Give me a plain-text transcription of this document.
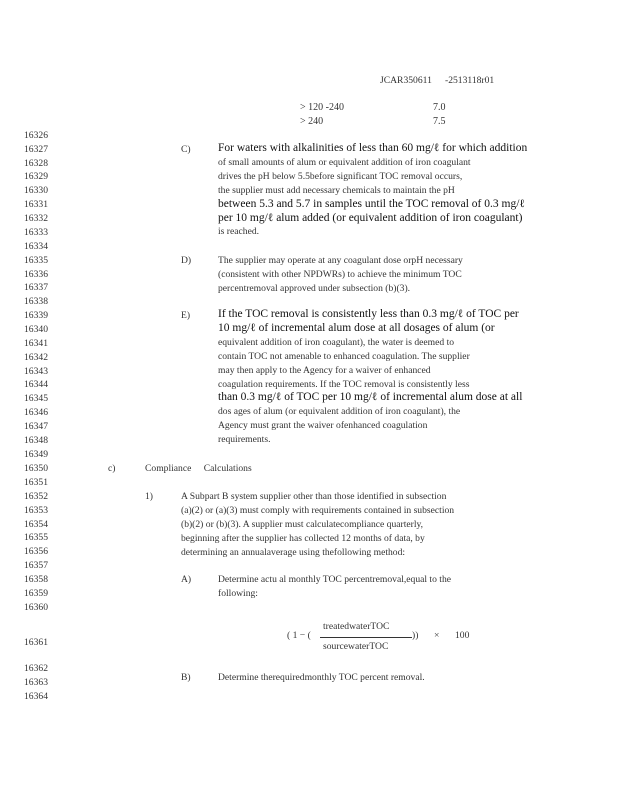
JCAR350611 -2513118r01
> 120 -240	7.0
> 240	7.5
16326
16327
16328
16329
16330
16331
16332
16333
16334
16335
16336
16337
16338
16339
16340
16341
16342
16343
16344
16345
16346
16347
16348
16349
16350
16351
16352
16353
16354
16355
16356
16357
16358
16359
16360
16361
16362
16363
16364
C) For waters with alkalinities of less than 60 mg/ℓ for which addition
of small amounts of alum or equivalent addition of iron coagulant
drives the pH below 5.5before significant TOC removal occurs,
the supplier must add necessary chemicals to maintain the pH
between 5.3 and 5.7 in samples until the TOC removal of 0.3 mg/ℓ
per 10 mg/ℓ alum added (or equivalent addition of iron coagulant)
is reached.
D)	The supplier may operate at any coagulant dose orpH necessary
(consistent with other NPDWRs) to achieve the minimum TOC
percentremoval approved under subsection (b)(3).
E) If the TOC removal is consistently less than 0.3 mg/ℓ of TOC per
10 mg/ℓ of incremental alum dose at all dosages of alum (or
equivalent addition of iron coagulant), the water is deemed to
contain TOC not amenable to enhanced coagulation. The supplier
may then apply to the Agency for a waiver of enhanced
coagulation requirements. If the TOC removal is consistently less
than 0.3 mg/ℓ of TOC per 10 mg/ℓ of incremental alum dose at all
dos ages of alum (or equivalent addition of iron coagulant), the
Agency must grant the waiver ofenhanced coagulation
requirements.
c)	Compliance Calculations
1)	A Subpart B system supplier other than those identified in subsection
(a)(2) or (a)(3) must comply with requirements contained in subsection
(b)(2) or (b)(3). A supplier must calculatecompliance quarterly,
beginning after the supplier has collected 12 months of data, by
determining an annualaverage using thefollowing method:
A)	Determine actu al monthly TOC percentremoval,equal to the
following:
( 1 − (
treatedwaterTOC
sourcewaterTOC
)) × 100
B)	Determine therequiredmonthly TOC percent removal.
